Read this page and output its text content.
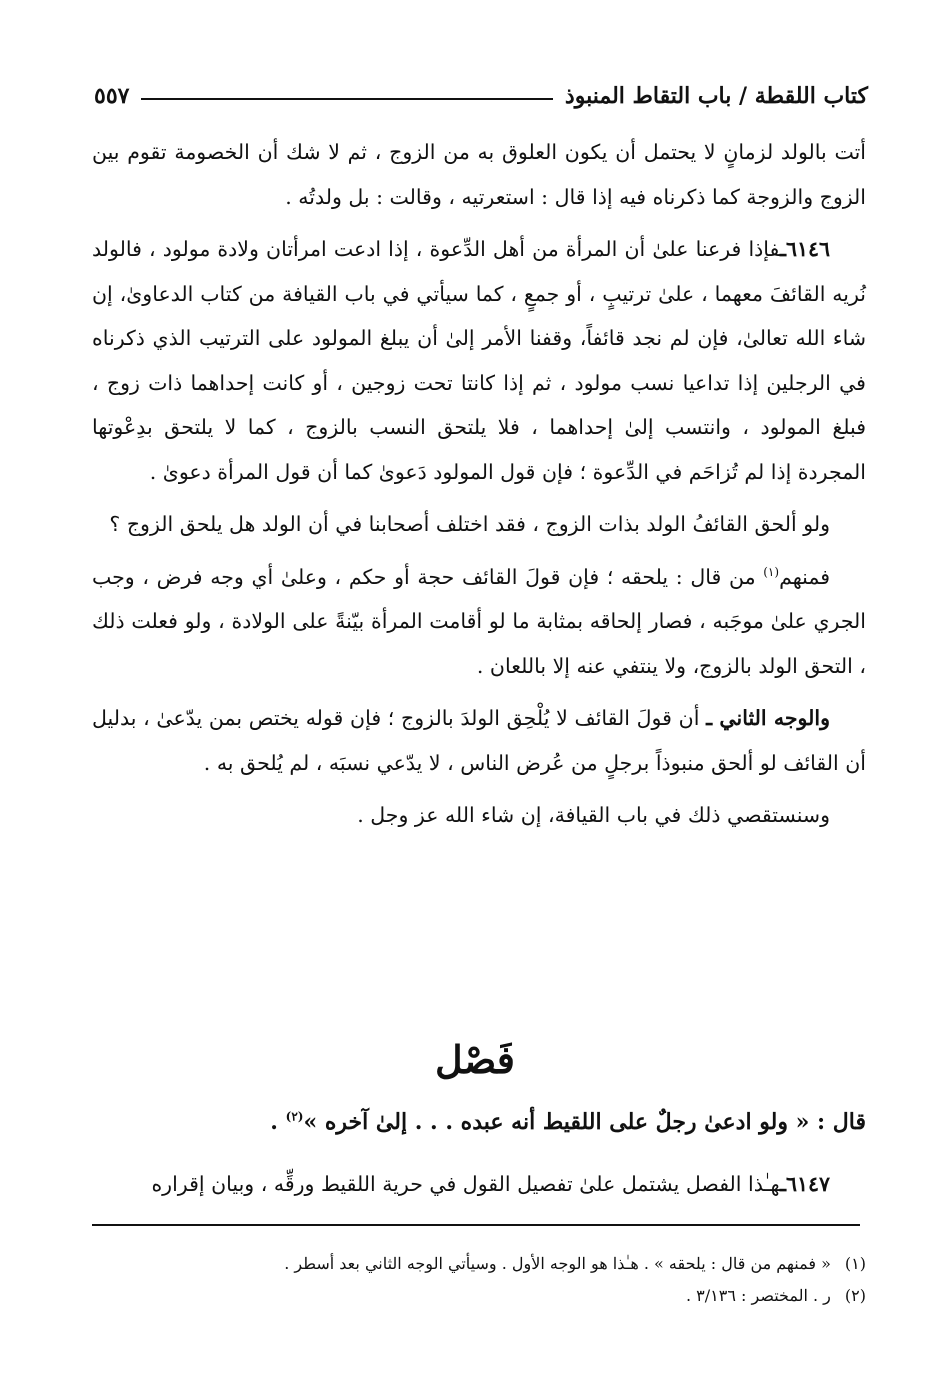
كتاب اللقطة / باب التقاط المنبوذ
٥٥٧

أتت بالولد لزمانٍ لا يحتمل أن يكون العلوق به من الزوج ، ثم لا شك أن الخصومة تقوم بين الزوج والزوجة كما ذكرناه فيه إذا قال : استعرتيه ، وقالت : بل ولدتُه .

٦١٤٦ـفإذا فرعنا علىٰ أن المرأة من أهل الدِّعوة ، إذا ادعت امرأتان ولادة مولود ، فالولد نُريه القائفَ معهما ، علىٰ ترتيبٍ ، أو جمعٍ ، كما سيأتي في باب القيافة من كتاب الدعاوىٰ، إن شاء الله تعالىٰ، فإن لم نجد قائفاً، وقفنا الأمر إلىٰ أن يبلغ المولود على الترتيب الذي ذكرناه في الرجلين إذا تداعيا نسب مولود ، ثم إذا كانتا تحت زوجين ، أو كانت إحداهما ذات زوج ، فبلغ المولود ، وانتسب إلىٰ إحداهما ، فلا يلتحق النسب بالزوج ، كما لا يلتحق بدِعْوتها المجردة إذا لم تُزاحَم في الدِّعوة ؛ فإن قول المولود دَعوىٰ كما أن قول المرأة دعوىٰ .

ولو ألحق القائفُ الولد بذات الزوج ، فقد اختلف أصحابنا في أن الولد هل يلحق الزوج ؟

فمنهم$^{(١)}$ من قال : يلحقه ؛ فإن قولَ القائف حجة أو حكم ، وعلىٰ أي وجه فرض ، وجب الجري علىٰ موجَبه ، فصار إلحاقه بمثابة ما لو أقامت المرأة بيّنةً على الولادة ، ولو فعلت ذلك ، التحق الولد بالزوج، ولا ينتفي عنه إلا باللعان .

والوجه الثاني ـ أن قولَ القائف لا يُلْحِق الولدَ بالزوج ؛ فإن قوله يختص بمن يدّعىٰ ، بدليل أن القائف لو ألحق منبوذاً برجلٍ من عُرض الناس ، لا يدّعي نسبَه ، لم يُلحق به .

وسنستقصي ذلك في باب القيافة، إن شاء الله عز وجل .

فَصْل
قال : « ولو ادعىٰ رجلٌ على اللقيط أنه عبده . . . إلىٰ آخره »$^{(٢)}$ .
٦١٤٧ـهـٰذا الفصل يشتمل علىٰ تفصيل القول في حرية اللقيط ورقِّه ، وبيان إقراره

(١)« فمنهم من قال : يلحقه » . هـٰذا هو الوجه الأول . وسيأتي الوجه الثاني بعد أسطر .

(٢)ر . المختصر : ٣/١٣٦ .
